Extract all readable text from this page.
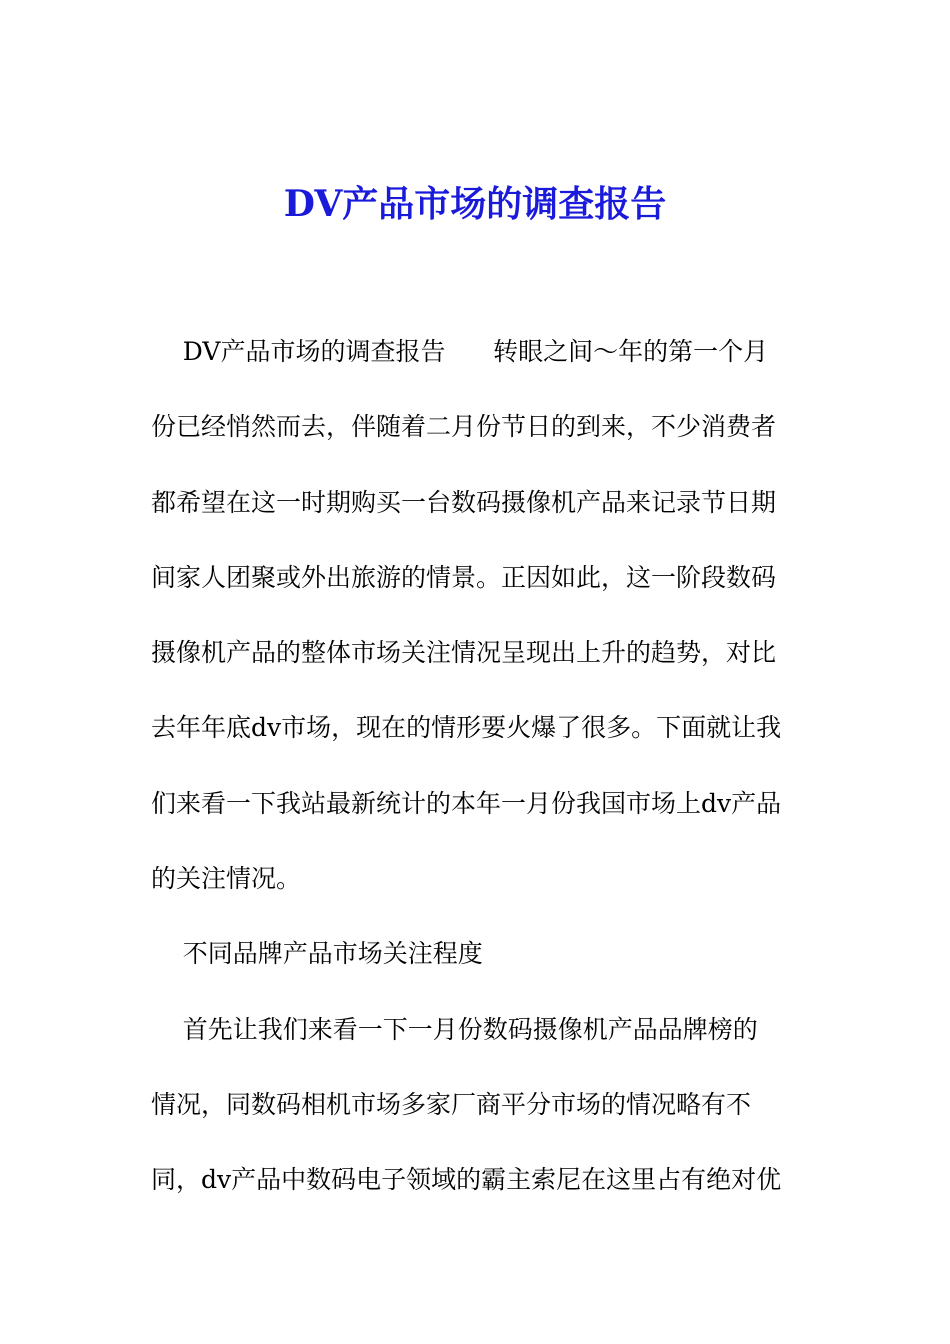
DV产品市场的调查报告
DV产品市场的调查报告      转眼之间～年的第一个月
份已经悄然而去，伴随着二月份节日的到来，不少消费者
都希望在这一时期购买一台数码摄像机产品来记录节日期
间家人团聚或外出旅游的情景。正因如此，这一阶段数码
摄像机产品的整体市场关注情况呈现出上升的趋势，对比
去年年底dv市场，现在的情形要火爆了很多。下面就让我
们来看一下我站最新统计的本年一月份我国市场上dv产品
的关注情况。
不同品牌产品市场关注程度
首先让我们来看一下一月份数码摄像机产品品牌榜的
情况，同数码相机市场多家厂商平分市场的情况略有不
同，dv产品中数码电子领域的霸主索尼在这里占有绝对优
